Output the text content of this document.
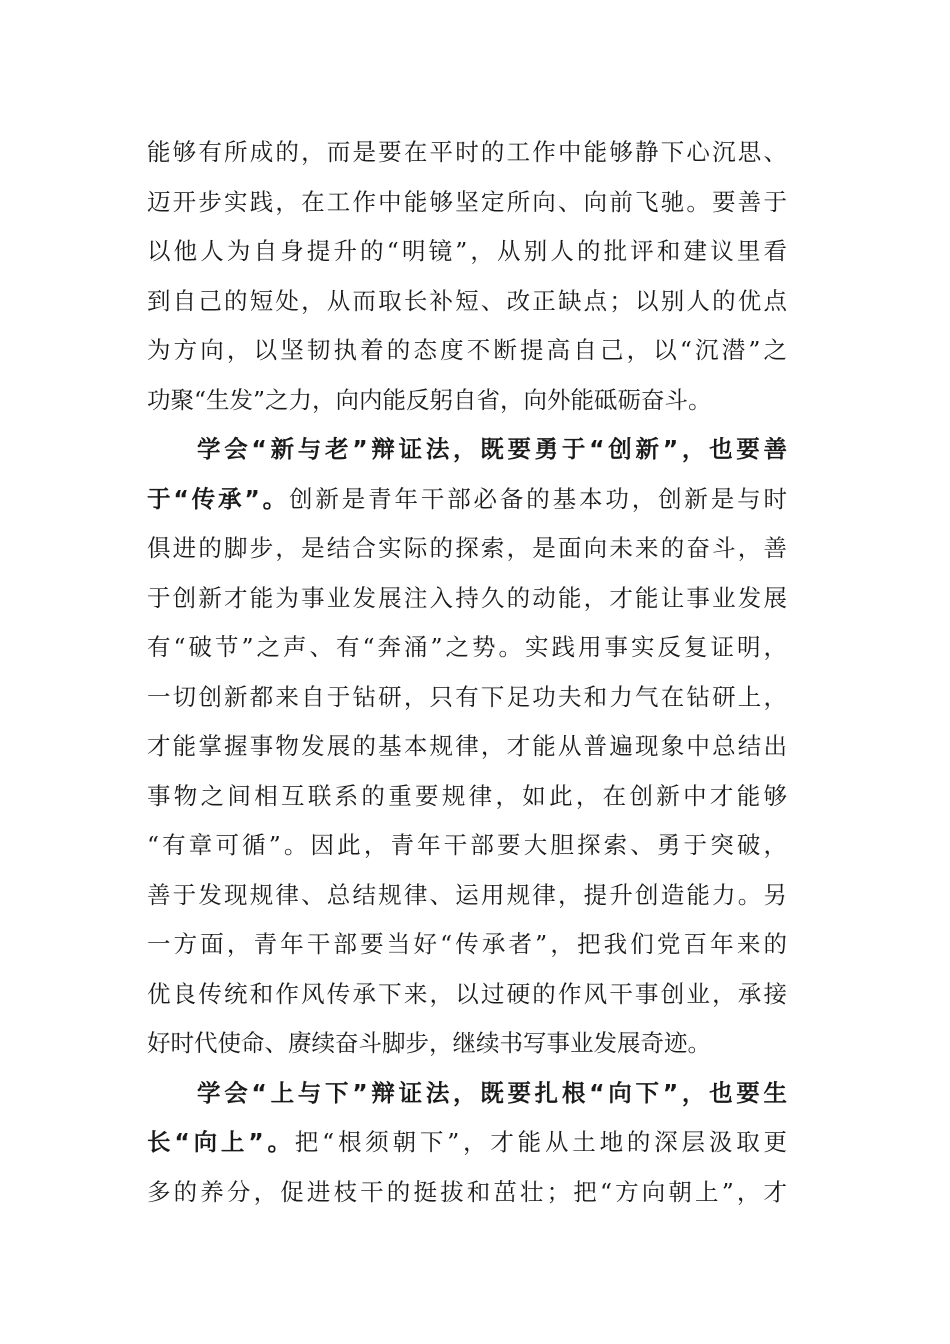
能够有所成的，而是要在平时的工作中能够静下心沉思、
迈开步实践，在工作中能够坚定所向、向前飞驰。要善于
以他人为自身提升的“明镜”，从别人的批评和建议里看
到自己的短处，从而取长补短、改正缺点；以别人的优点
为方向，以坚韧执着的态度不断提高自己，以“沉潜”之
功聚“生发”之力，向内能反躬自省，向外能砥砺奋斗。
学会“新与老”辩证法，既要勇于“创新”，也要善
于“传承”。创新是青年干部必备的基本功，创新是与时
俱进的脚步，是结合实际的探索，是面向未来的奋斗，善
于创新才能为事业发展注入持久的动能，才能让事业发展
有“破节”之声、有“奔涌”之势。实践用事实反复证明，
一切创新都来自于钻研，只有下足功夫和力气在钻研上，
才能掌握事物发展的基本规律，才能从普遍现象中总结出
事物之间相互联系的重要规律，如此，在创新中才能够
“有章可循”。因此，青年干部要大胆探索、勇于突破，
善于发现规律、总结规律、运用规律，提升创造能力。另
一方面，青年干部要当好“传承者”，把我们党百年来的
优良传统和作风传承下来，以过硬的作风干事创业，承接
好时代使命、赓续奋斗脚步，继续书写事业发展奇迹。
学会“上与下”辩证法，既要扎根“向下”，也要生
长“向上”。把“根须朝下”，才能从土地的深层汲取更
多的养分，促进枝干的挺拔和茁壮；把“方向朝上”，才
